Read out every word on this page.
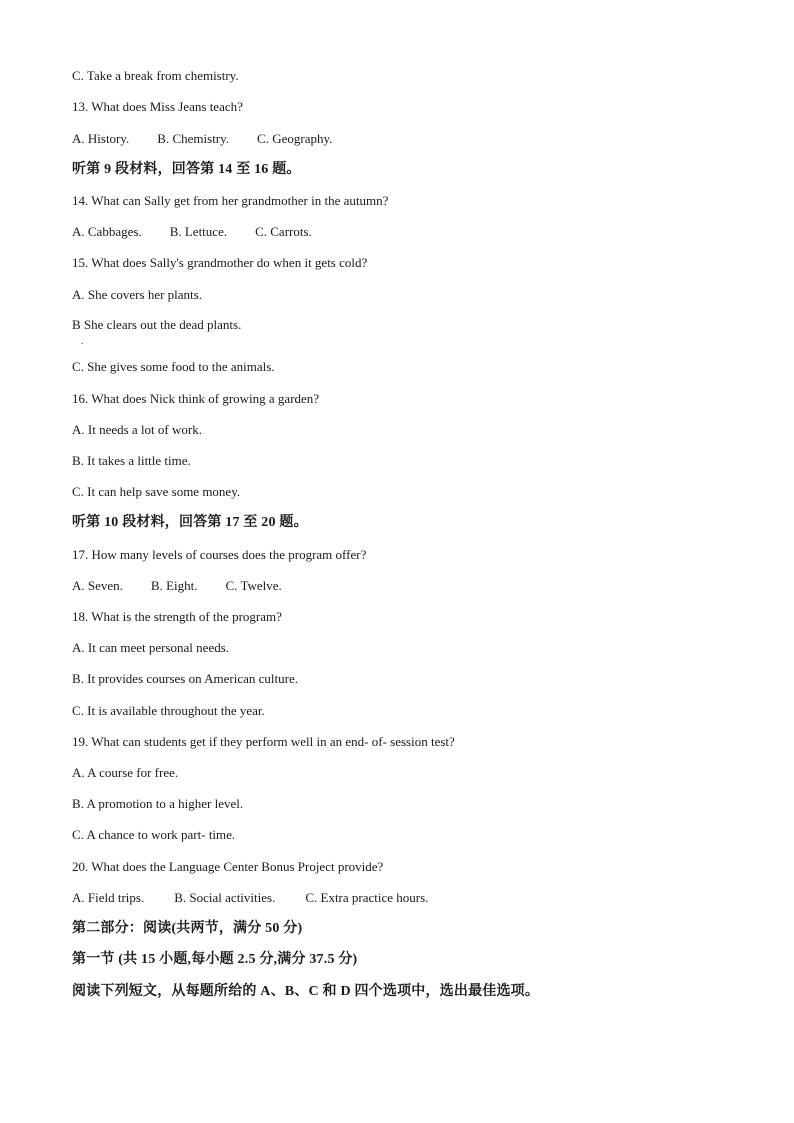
C. Take a break from chemistry.
13. What does Miss Jeans teach?
A. History. B. Chemistry. C. Geography.
听第 9 段材料，回答第 14 至 16 题。
14. What can Sally get from her grandmother in the autumn?
A. Cabbages. B. Lettuce. C. Carrots.
15. What does Sally's grandmother do when it gets cold?
A. She covers her plants.
B She clears out the dead plants.
.
C. She gives some food to the animals.
16. What does Nick think of growing a garden?
A. It needs a lot of work.
B. It takes a little time.
C. It can help save some money.
听第 10 段材料，回答第 17 至 20 题。
17. How many levels of courses does the program offer?
A. Seven. B. Eight. C. Twelve.
18. What is the strength of the program?
A. It can meet personal needs.
B. It provides courses on American culture.
C. It is available throughout the year.
19. What can students get if they perform well in an end- of- session test?
A. A course for free.
B. A promotion to a higher level.
C. A chance to work part- time.
20. What does the Language Center Bonus Project provide?
A. Field trips. B. Social activities. C. Extra practice hours.
第二部分：阅读(共两节，满分 50 分)
第一节 (共 15 小题,每小题 2.5 分,满分 37.5 分)
阅读下列短文，从每题所给的 A、B、C 和 D 四个选项中，选出最佳选项。
